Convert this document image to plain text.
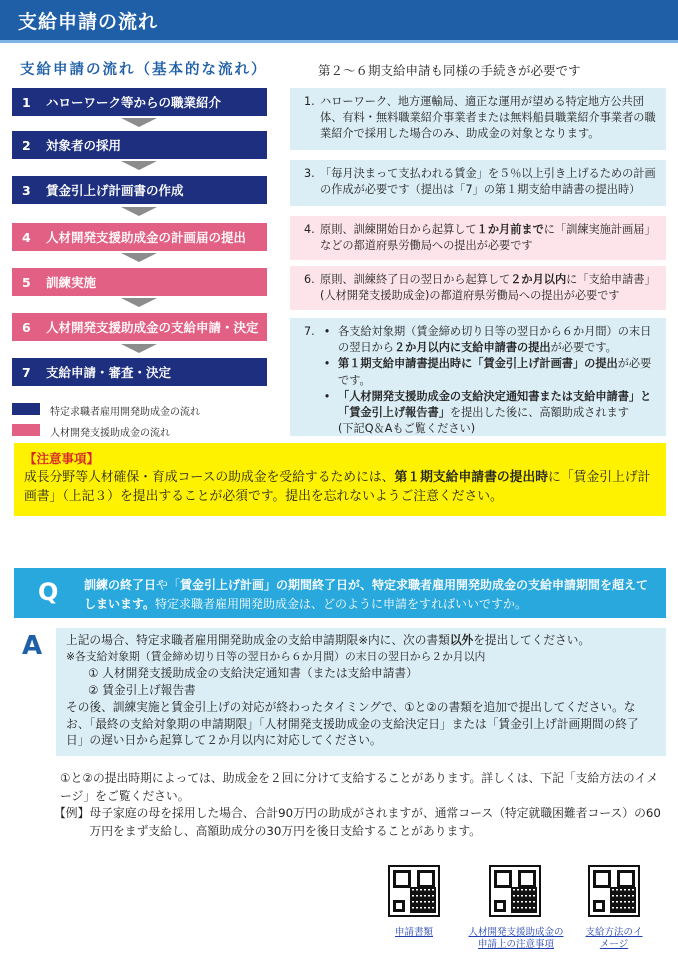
支給申請の流れ
支給申請の流れ（基本的な流れ）	第２～６期支給申請も同様の手続きが必要です
1	ハローワーク等からの職業紹介
2	対象者の採用
3	賃金引上げ計画書の作成
4	人材開発支援助成金の計画届の提出
5	訓練実施
6	人材開発支援助成金の支給申請・決定
7	支給申請・審査・決定
特定求職者雇用開発助成金の流れ
人材開発支援助成金の流れ
1. ハローワーク、地方運輸局、適正な運用が望める特定地方公共団体、有料・無料職業紹介事業者または無料船員職業紹介事業者の職業紹介で採用した場合のみ、助成金の対象となります。
3. 「毎月決まって支払われる賃金」を５％以上引き上げるための計画の作成が必要です（提出は「7」の第１期支給申請書の提出時）
4. 原則、訓練開始日から起算して１か月前までに「訓練実施計画届」などの都道府県労働局への提出が必要です
6. 原則、訓練終了日の翌日から起算して２か月以内に「支給申請書」(人材開発支援助成金)の都道府県労働局への提出が必要です
7. • 各支給対象期（賃金締め切り日等の翌日から６か月間）の末日の翌日から２か月以内に支給申請書の提出が必要です。
• 第１期支給申請書提出時に「賃金引上げ計画書」の提出が必要です。
• 「人材開発支援助成金の支給決定通知書または支給申請書」と「賃金引上げ報告書」を提出した後に、高額助成されます
(下記Q＆Aもご覧ください)
【注意事項】
成長分野等人材確保・育成コースの助成金を受給するためには、第１期支給申請書の提出時に「賃金引上げ計画書」（上記３）を提出することが必須です。提出を忘れないようご注意ください。
Q 訓練の終了日や「賃金引上げ計画」の期間終了日が、特定求職者雇用開発助成金の支給申請期間を超えてしまいます。特定求職者雇用開発助成金は、どのように申請をすればいいですか。
A 上記の場合、特定求職者雇用開発助成金の支給申請期限※内に、次の書類以外を提出してください。
※各支給対象期（賃金締め切り日等の翌日から６か月間）の末日の翌日から２か月以内
① 人材開発支援助成金の支給決定通知書（または支給申請書）
② 賃金引上げ報告書
その後、訓練実施と賃金引上げの対応が終わったタイミングで、①と②の書類を追加で提出してください。なお、「最終の支給対象期の申請期限」「人材開発支援助成金の支給決定日」または「賃金引上げ計画期間の終了日」の遅い日から起算して２か月以内に対応してください。
①と②の提出時期によっては、助成金を２回に分けて支給することがあります。詳しくは、下記「支給方法のイメージ」をご覧ください。
【例】 母子家庭の母を採用した場合、合計90万円の助成がされますが、通常コース（特定就職困難者コース）の60万円をまず支給し、高額助成分の30万円を後日支給することがあります。
申請書類	人材開発支援助成金の申請上の注意事項
支給方法のイメージ
